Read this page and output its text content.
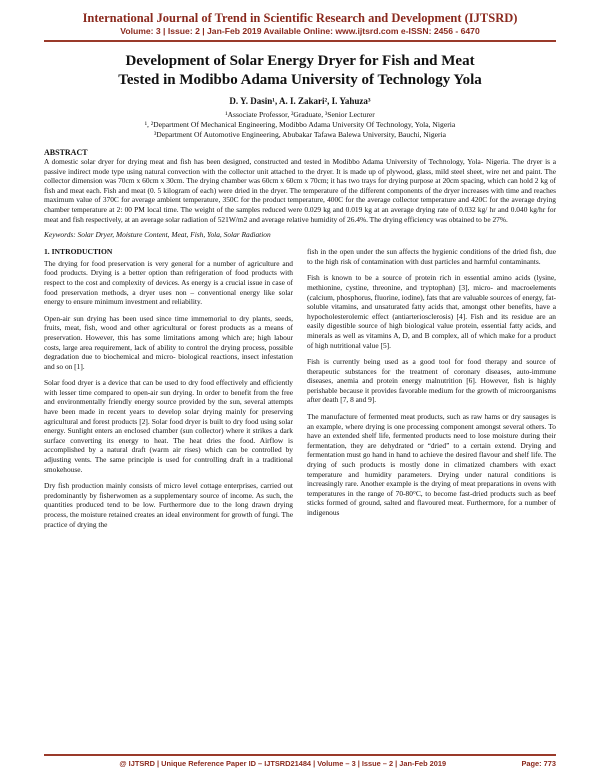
International Journal of Trend in Scientific Research and Development (IJTSRD)
Volume: 3 | Issue: 2 | Jan-Feb 2019 Available Online: www.ijtsrd.com e-ISSN: 2456 - 6470
Development of Solar Energy Dryer for Fish and Meat
Tested in Modibbo Adama University of Technology Yola
D. Y. Dasin¹, A. I. Zakari², I. Yahuza³
¹Associate Professor, ²Graduate, ³Senior Lecturer
¹, ²Department Of Mechanical Engineering, Modibbo Adama University Of Technology, Yola, Nigeria
³Department Of Automotive Engineering, Abubakar Tafawa Balewa University, Bauchi, Nigeria
ABSTRACT
A domestic solar dryer for drying meat and fish has been designed, constructed and tested in Modibbo Adama University of Technology, Yola- Nigeria. The dryer is a passive indirect mode type using natural convection with the collector unit attached to the dryer. It is made up of plywood, glass, mild steel sheet, wire net and paint. The collector dimension was 70cm x 60cm x 30cm. The drying chamber was 60cm x 60cm x 70cm; it has two trays for drying purpose at 20cm spacing, which can hold 2 kg of fish and meat each. Fish and meat (0. 5 kilogram of each) were dried in the dryer. The temperature of the different components of the dryer increases with time and reaches maximum value of 370C for average ambient temperature, 350C for the product temperature, 400C for the average collector temperature and 420C for the average drying chamber temperature at 2: 00 PM local time. The weight of the samples reduced were 0.029 kg and 0.019 kg at an average drying rate of 0.032 kg/ hr and 0.040 kg/hr for meat and fish respectively, at an average solar radiation of 521W/m2 and average relative humidity of 26.4%. The drying efficiency was obtained to be 27%.
Keywords: Solar Dryer, Moisture Content, Meat, Fish, Yola, Solar Radiation
1. INTRODUCTION

The drying for food preservation is very general for a number of agriculture and food products. Drying is a better option than refrigeration of food products with respect to the cost and complexity of devices. As energy is a crucial issue in case of food preservation methods, a dryer uses non – conventional energy like solar energy to ensure minimum investment and reliability.

Open-air sun drying has been used since time immemorial to dry plants, seeds, fruits, meat, fish, wood and other agricultural or forest products as a means of preservation. However, this has some limitations among which are; high labour costs, large area requirement, lack of ability to control the drying process, possible degradation due to biochemical and micro- biological reactions, insect infestation and so on [1].

Solar food dryer is a device that can be used to dry food effectively and efficiently with lesser time compared to open-air sun drying. In order to benefit from the free and environmentally friendly energy source provided by the sun, several attempts have been made in recent years to develop solar drying mainly for preserving agricultural and forest products [2]. Solar food dryer is built to dry food using solar energy. Sunlight enters an enclosed chamber (sun collector) where it strikes a dark surface converting its energy to heat. The heat dries the food. Airflow is accomplished by a natural draft (warm air rises) which can be controlled by adjusting vents. The same principle is used for controlling draft in a traditional smokehouse.

Dry fish production mainly consists of micro level cottage enterprises, carried out predominantly by fisherwomen as a supplementary source of income. As such, the quantities produced tend to be low. Furthermore due to the long drawn drying process, the moisture retained creates an ideal environment for growth of fungi. The practice of drying the

fish in the open under the sun affects the hygienic conditions of the dried fish, due to the high risk of contamination with dust particles and harmful contaminants.

Fish is known to be a source of protein rich in essential amino acids (lysine, methionine, cystine, threonine, and tryptophan) [3], micro- and macroelements (calcium, phosphorus, fluorine, iodine), fats that are valuable sources of energy, fat-soluble vitamins, and unsaturated fatty acids that, amongst other benefits, have a hypocholesterolemic effect (antiarteriosclerosis) [4]. Fish and its residue are an easily digestible source of high biological value protein, essential fatty acids, and minerals as well as vitamins A, D, and B complex, all of which make for a product of high nutritional value [5].

Fish is currently being used as a good tool for food therapy and source of therapeutic substances for the treatment of coronary diseases, auto-immune diseases, anemia and protein energy malnutrition [6]. However, fish is highly perishable because it provides favorable medium for the growth of microorganisms after death [7, 8 and 9].

The manufacture of fermented meat products, such as raw hams or dry sausages is an example, where drying is one processing component amongst several others. To have an extended shelf life, fermented products need to lose moisture during their fermentation, they are dehydrated or “dried” to a certain extend. Drying and fermentation must go hand in hand to achieve the desired flavour and shelf life. The drying of such products is mostly done in climatized chambers with exact temperature and humidity parameters. Drying under natural conditions is increasingly rare. Another example is the drying of meat preparations in ovens with temperatures in the range of 70-80°C, to become fast-dried products such as beef sticks formed of ground, salted and flavoured meat. Furthermore, for a number of indigenous

@ IJTSRD | Unique Reference Paper ID – IJTSRD21484 | Volume – 3 | Issue – 2 | Jan-Feb 2019	Page: 773
